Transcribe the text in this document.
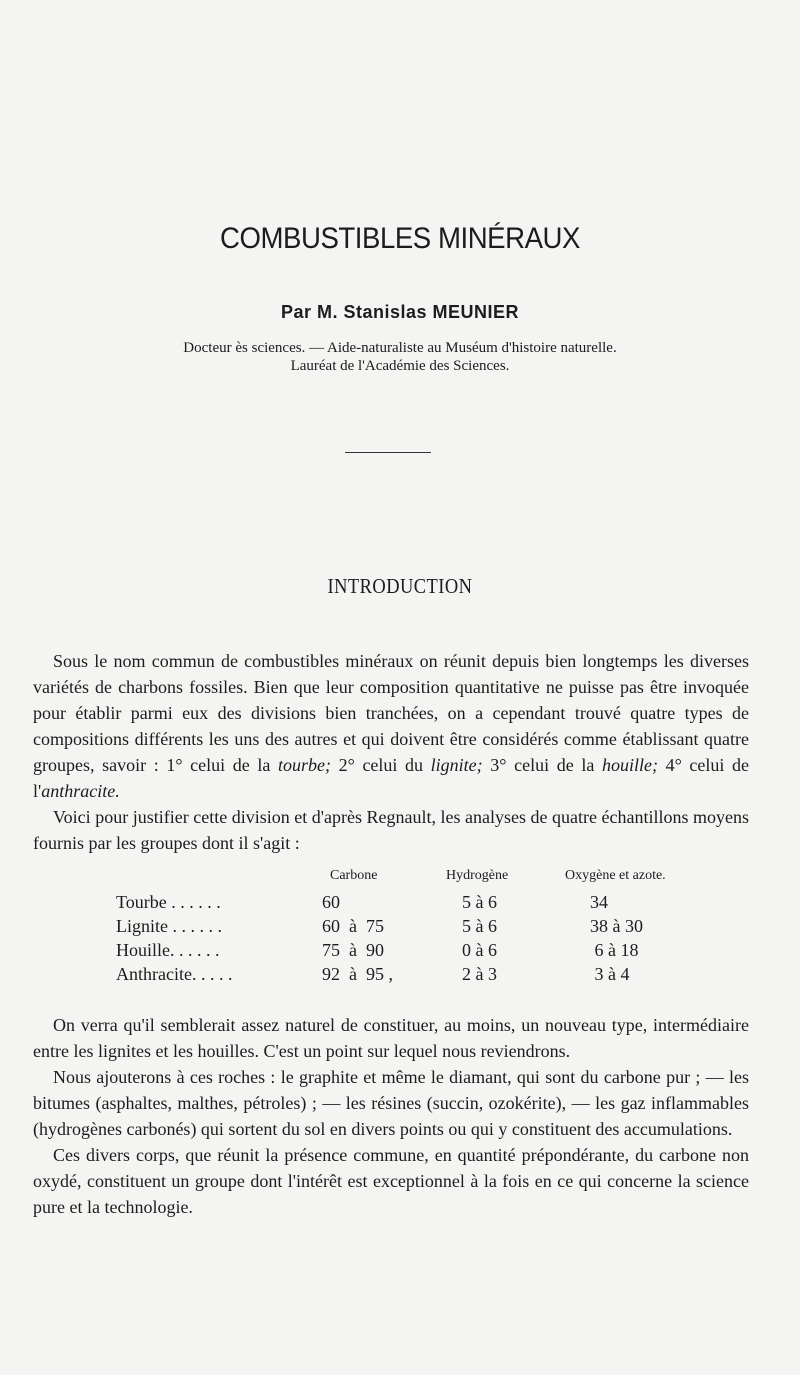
COMBUSTIBLES MINÉRAUX
Par M. Stanislas MEUNIER
Docteur ès sciences. — Aide-naturaliste au Muséum d'histoire naturelle.
Lauréat de l'Académie des Sciences.
INTRODUCTION

Sous le nom commun de combustibles minéraux on réunit depuis bien longtemps les diverses variétés de charbons fossiles. Bien que leur composition quantitative ne puisse pas être invoquée pour établir parmi eux des divisions bien tranchées, on a cependant trouvé quatre types de compositions différents les uns des autres et qui doivent être considérés comme établissant quatre groupes, savoir : 1° celui de la tourbe; 2° celui du lignite; 3° celui de la houille; 4° celui de l'anthracite.

Voici pour justifier cette division et d'après Regnault, les analyses de quatre échantillons moyens fournis par les groupes dont il s'agit :

Carbone	Hydrogène	Oxygène et azote.
Tourbe . . . . . .	60	5 à 6	34
Lignite . . . . . .	60  à  75	5 à 6	38 à 30
Houille. . . . . .	75  à  90	0 à 6	6 à 18
Anthracite. . . . .	92  à  95 ,	2 à 3	3 à 4

On verra qu'il semblerait assez naturel de constituer, au moins, un nouveau type, intermédiaire entre les lignites et les houilles. C'est un point sur lequel nous reviendrons.

Nous ajouterons à ces roches : le graphite et même le diamant, qui sont du carbone pur ; — les bitumes (asphaltes, malthes, pétroles) ; — les résines (succin, ozokérite), — les gaz inflammables (hydrogènes carbonés) qui sortent du sol en divers points ou qui y constituent des accumulations.

Ces divers corps, que réunit la présence commune, en quantité prépondérante, du carbone non oxydé, constituent un groupe dont l'intérêt est exceptionnel à la fois en ce qui concerne la science pure et la technologie.
